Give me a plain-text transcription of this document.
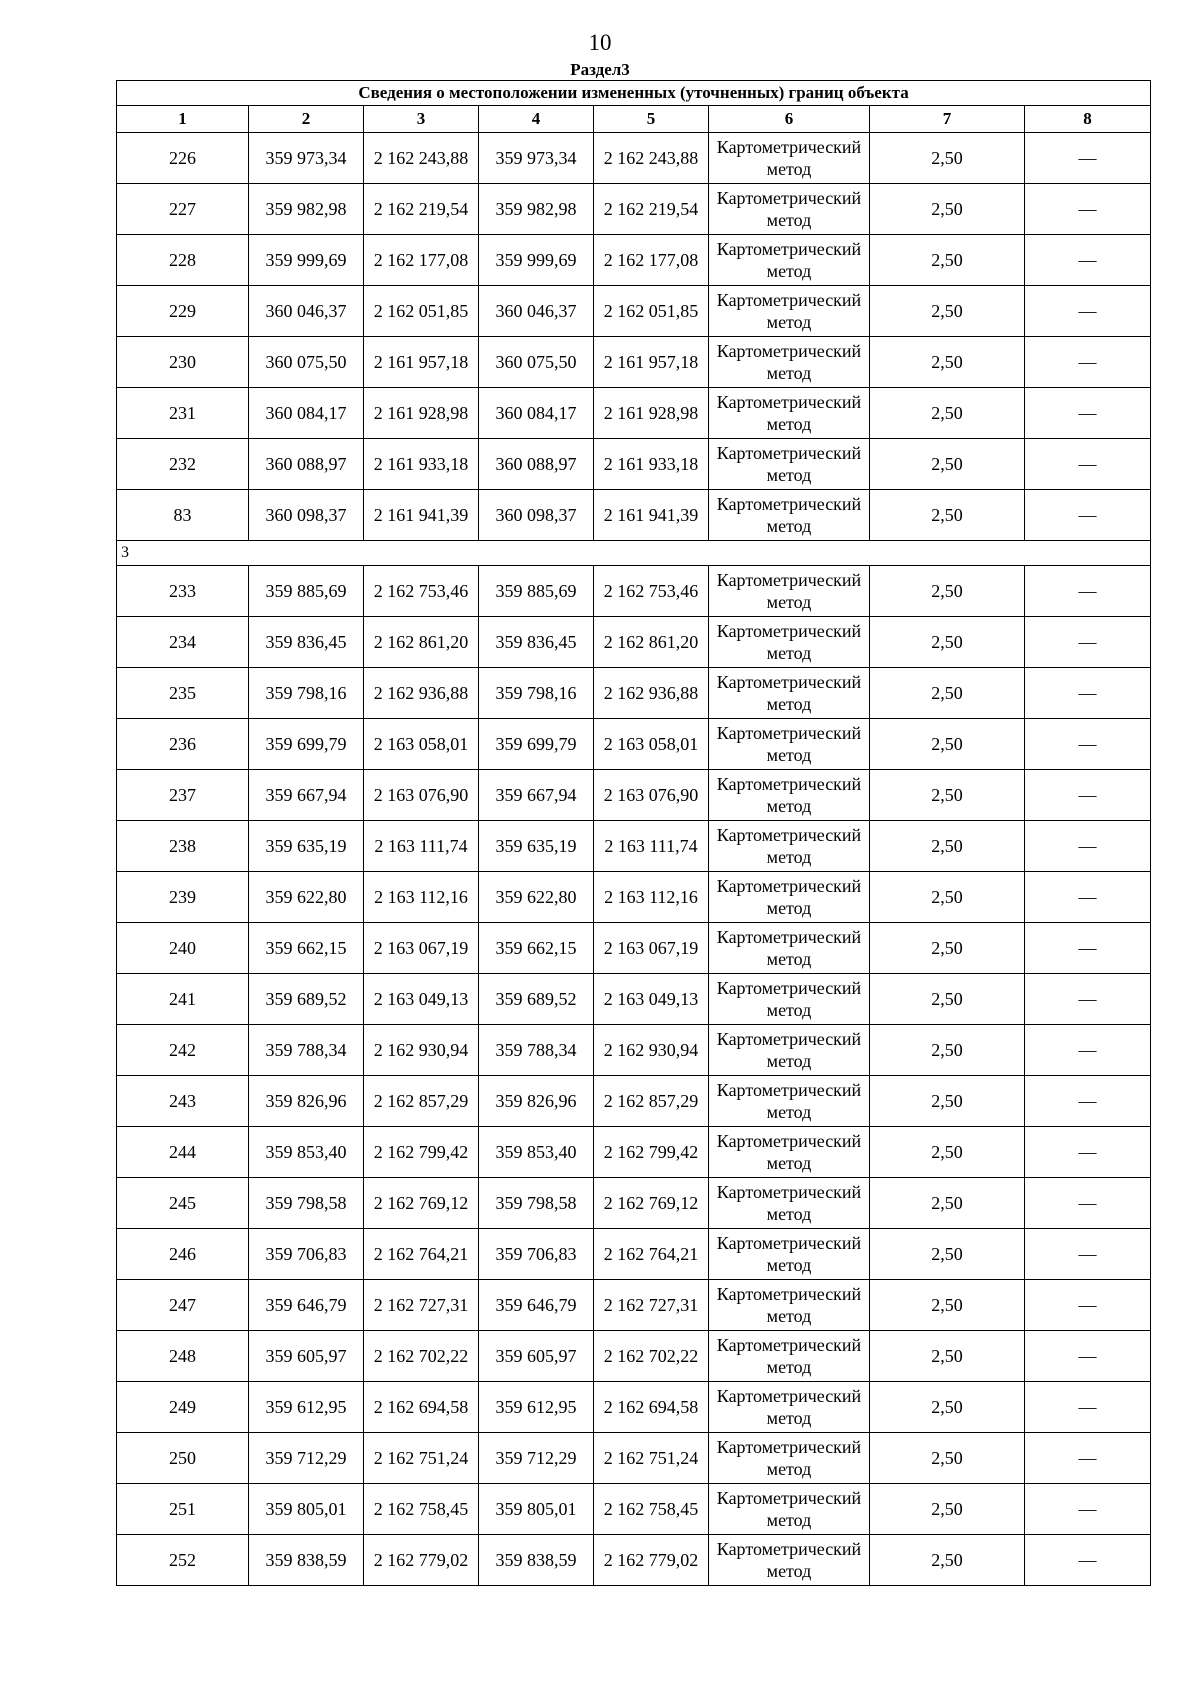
10
Раздел3
Сведения о местоположении измененных (уточненных) границ объекта							
1	2	3	4	5	6	7	8
226	359 973,34	2 162 243,88	359 973,34	2 162 243,88	Картометрический метод	2,50	—
227	359 982,98	2 162 219,54	359 982,98	2 162 219,54	Картометрический метод	2,50	—
228	359 999,69	2 162 177,08	359 999,69	2 162 177,08	Картометрический метод	2,50	—
229	360 046,37	2 162 051,85	360 046,37	2 162 051,85	Картометрический метод	2,50	—
230	360 075,50	2 161 957,18	360 075,50	2 161 957,18	Картометрический метод	2,50	—
231	360 084,17	2 161 928,98	360 084,17	2 161 928,98	Картометрический метод	2,50	—
232	360 088,97	2 161 933,18	360 088,97	2 161 933,18	Картометрический метод	2,50	—
83	360 098,37	2 161 941,39	360 098,37	2 161 941,39	Картометрический метод	2,50	—
3							
233	359 885,69	2 162 753,46	359 885,69	2 162 753,46	Картометрический метод	2,50	—
234	359 836,45	2 162 861,20	359 836,45	2 162 861,20	Картометрический метод	2,50	—
235	359 798,16	2 162 936,88	359 798,16	2 162 936,88	Картометрический метод	2,50	—
236	359 699,79	2 163 058,01	359 699,79	2 163 058,01	Картометрический метод	2,50	—
237	359 667,94	2 163 076,90	359 667,94	2 163 076,90	Картометрический метод	2,50	—
238	359 635,19	2 163 111,74	359 635,19	2 163 111,74	Картометрический метод	2,50	—
239	359 622,80	2 163 112,16	359 622,80	2 163 112,16	Картометрический метод	2,50	—
240	359 662,15	2 163 067,19	359 662,15	2 163 067,19	Картометрический метод	2,50	—
241	359 689,52	2 163 049,13	359 689,52	2 163 049,13	Картометрический метод	2,50	—
242	359 788,34	2 162 930,94	359 788,34	2 162 930,94	Картометрический метод	2,50	—
243	359 826,96	2 162 857,29	359 826,96	2 162 857,29	Картометрический метод	2,50	—
244	359 853,40	2 162 799,42	359 853,40	2 162 799,42	Картометрический метод	2,50	—
245	359 798,58	2 162 769,12	359 798,58	2 162 769,12	Картометрический метод	2,50	—
246	359 706,83	2 162 764,21	359 706,83	2 162 764,21	Картометрический метод	2,50	—
247	359 646,79	2 162 727,31	359 646,79	2 162 727,31	Картометрический метод	2,50	—
248	359 605,97	2 162 702,22	359 605,97	2 162 702,22	Картометрический метод	2,50	—
249	359 612,95	2 162 694,58	359 612,95	2 162 694,58	Картометрический метод	2,50	—
250	359 712,29	2 162 751,24	359 712,29	2 162 751,24	Картометрический метод	2,50	—
251	359 805,01	2 162 758,45	359 805,01	2 162 758,45	Картометрический метод	2,50	—
252	359 838,59	2 162 779,02	359 838,59	2 162 779,02	Картометрический метод	2,50	—
